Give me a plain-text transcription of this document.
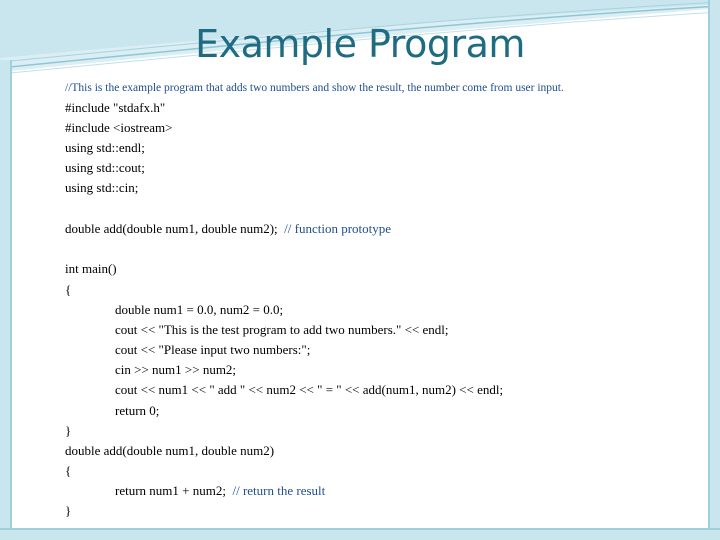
Example Program

//This is the example program that adds two numbers and show the result, the number come from user input.

#include "stdafx.h"

#include <iostream>

using std::endl;

using std::cout;

using std::cin;

double add(double num1, double num2);  // function prototype

int main()

{

double num1 = 0.0, num2 = 0.0;

cout << "This is the test program to add two numbers." << endl;

cout << "Please input two numbers:";

cin >> num1 >> num2;

cout << num1 << " add " << num2 << " = " << add(num1, num2) << endl;

return 0;

}

double add(double num1, double num2)

{

return num1 + num2;  // return the result

}
